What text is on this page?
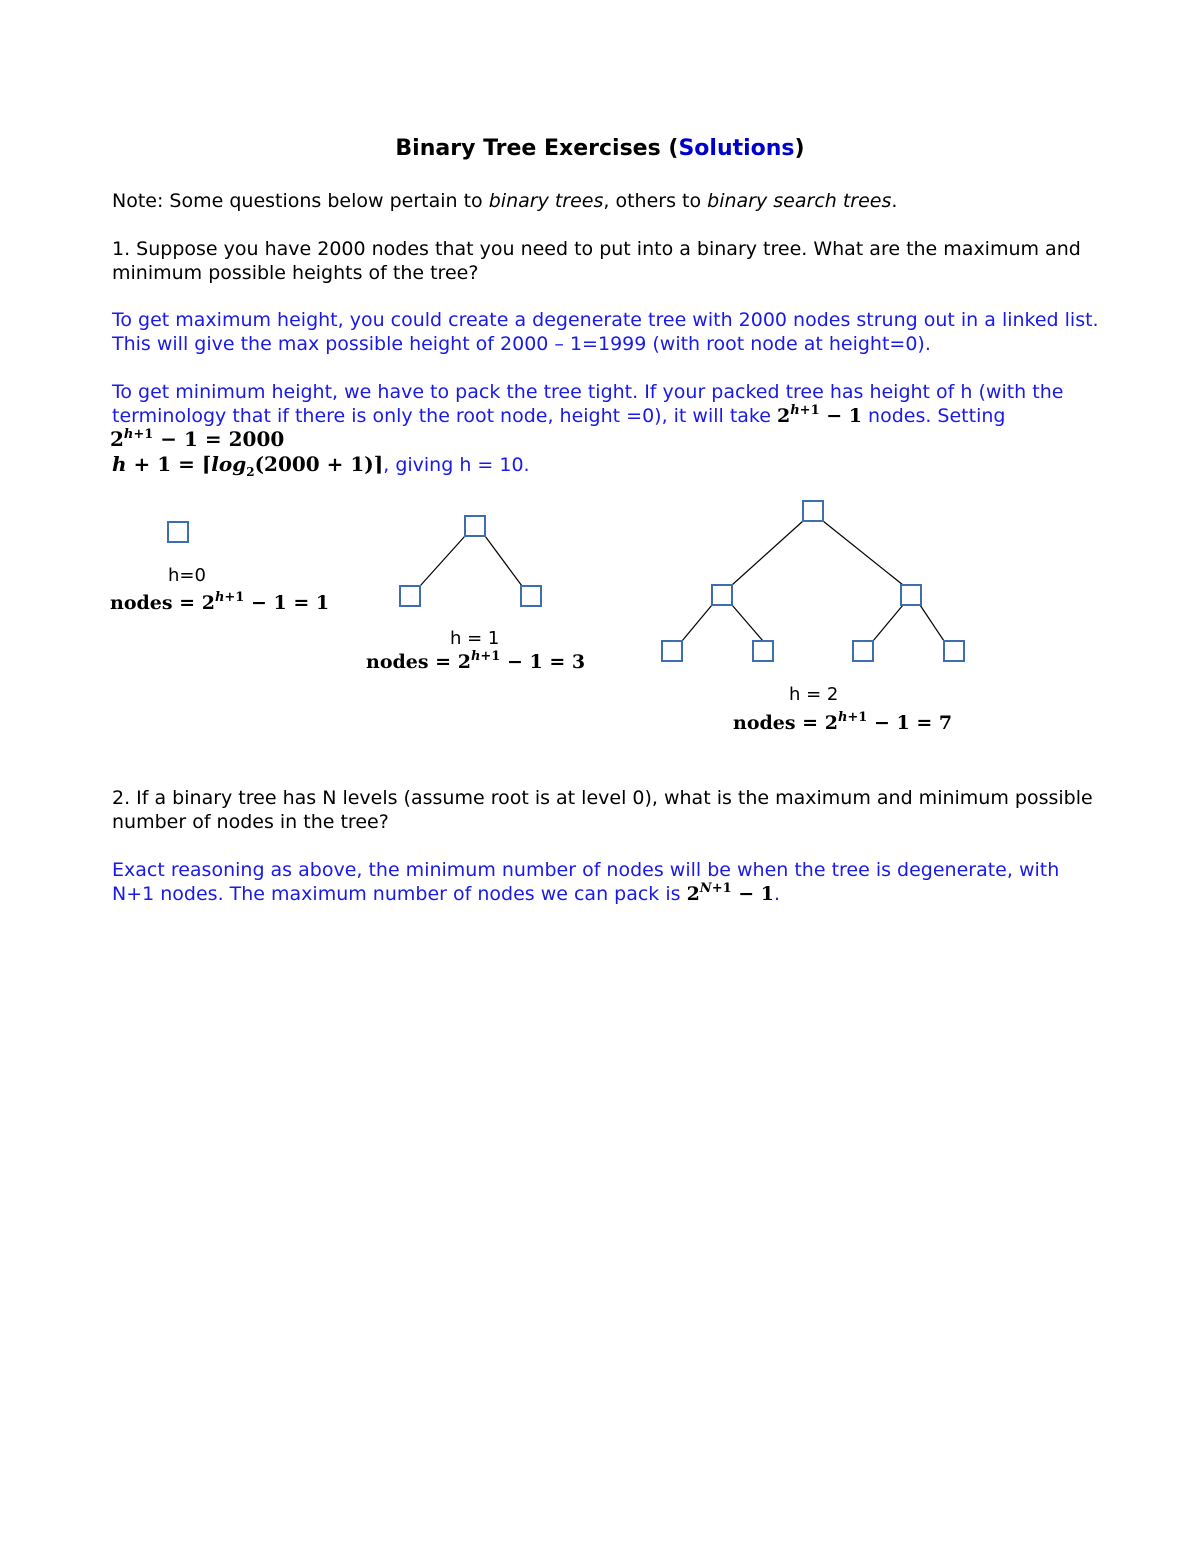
Binary Tree Exercises (Solutions)
Note: Some questions below pertain to binary trees, others to binary search trees.
1. Suppose you have 2000 nodes that you need to put into a binary tree. What are the maximum and minimum possible heights of the tree?
To get maximum height, you could create a degenerate tree with 2000 nodes strung out in a linked list. This will give the max possible height of 2000 – 1=1999 (with root node at height=0).
To get minimum height, we have to pack the tree tight. If your packed tree has height of h (with the terminology that if there is only the root node, height =0), it will take $2^{h+1} - 1$ nodes. Setting
$2^{h+1} - 1 = 2000$
$h + 1 = ⌈\log_2(2000$ + 1)⌉, giving h = 10.
h=0
nodes = $2^{h+1} - 1 = 1$
h = 1
nodes = $2^{h+1} - 1 = 3$
h = 2
nodes = $2^{h+1} - 1 = 7$
2. If a binary tree has N levels (assume root is at level 0), what is the maximum and minimum possible number of nodes in the tree?
Exact reasoning as above, the minimum number of nodes will be when the tree is degenerate, with N+1 nodes. The maximum number of nodes we can pack is $2^{N+1} - 1$.
